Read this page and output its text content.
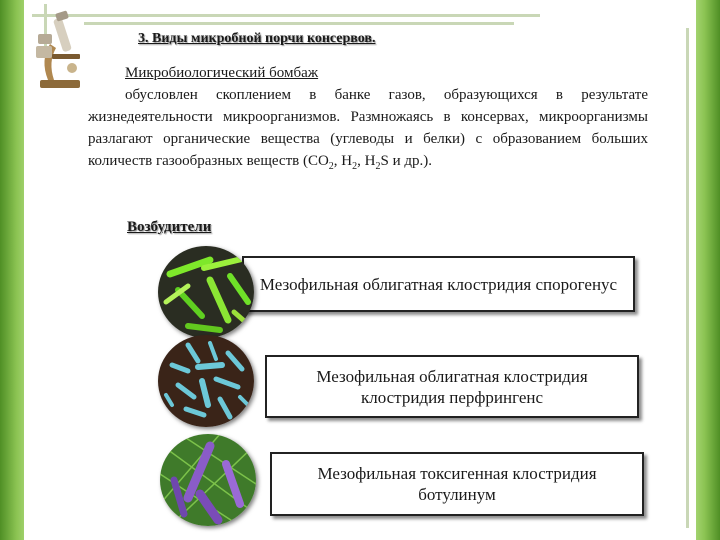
3. Виды микробной порчи консервов.
Микробиологический бомбаж

обусловлен скоплением в банке газов, образующихся в результате жизнедеятельности микроорганизмов. Размножаясь в консервах, микроорганизмы разлагают органические вещества (углеводы и белки) с образованием больших количеств газообразных веществ ($CO_2$, $H_2$, $H_2S$ и др.).

Возбудители
Мезофильная облигатная клостридия спорогенус
Мезофильная облигатная клостридия клостридия перфрингенс
Мезофильная токсигенная клостридия ботулинум
